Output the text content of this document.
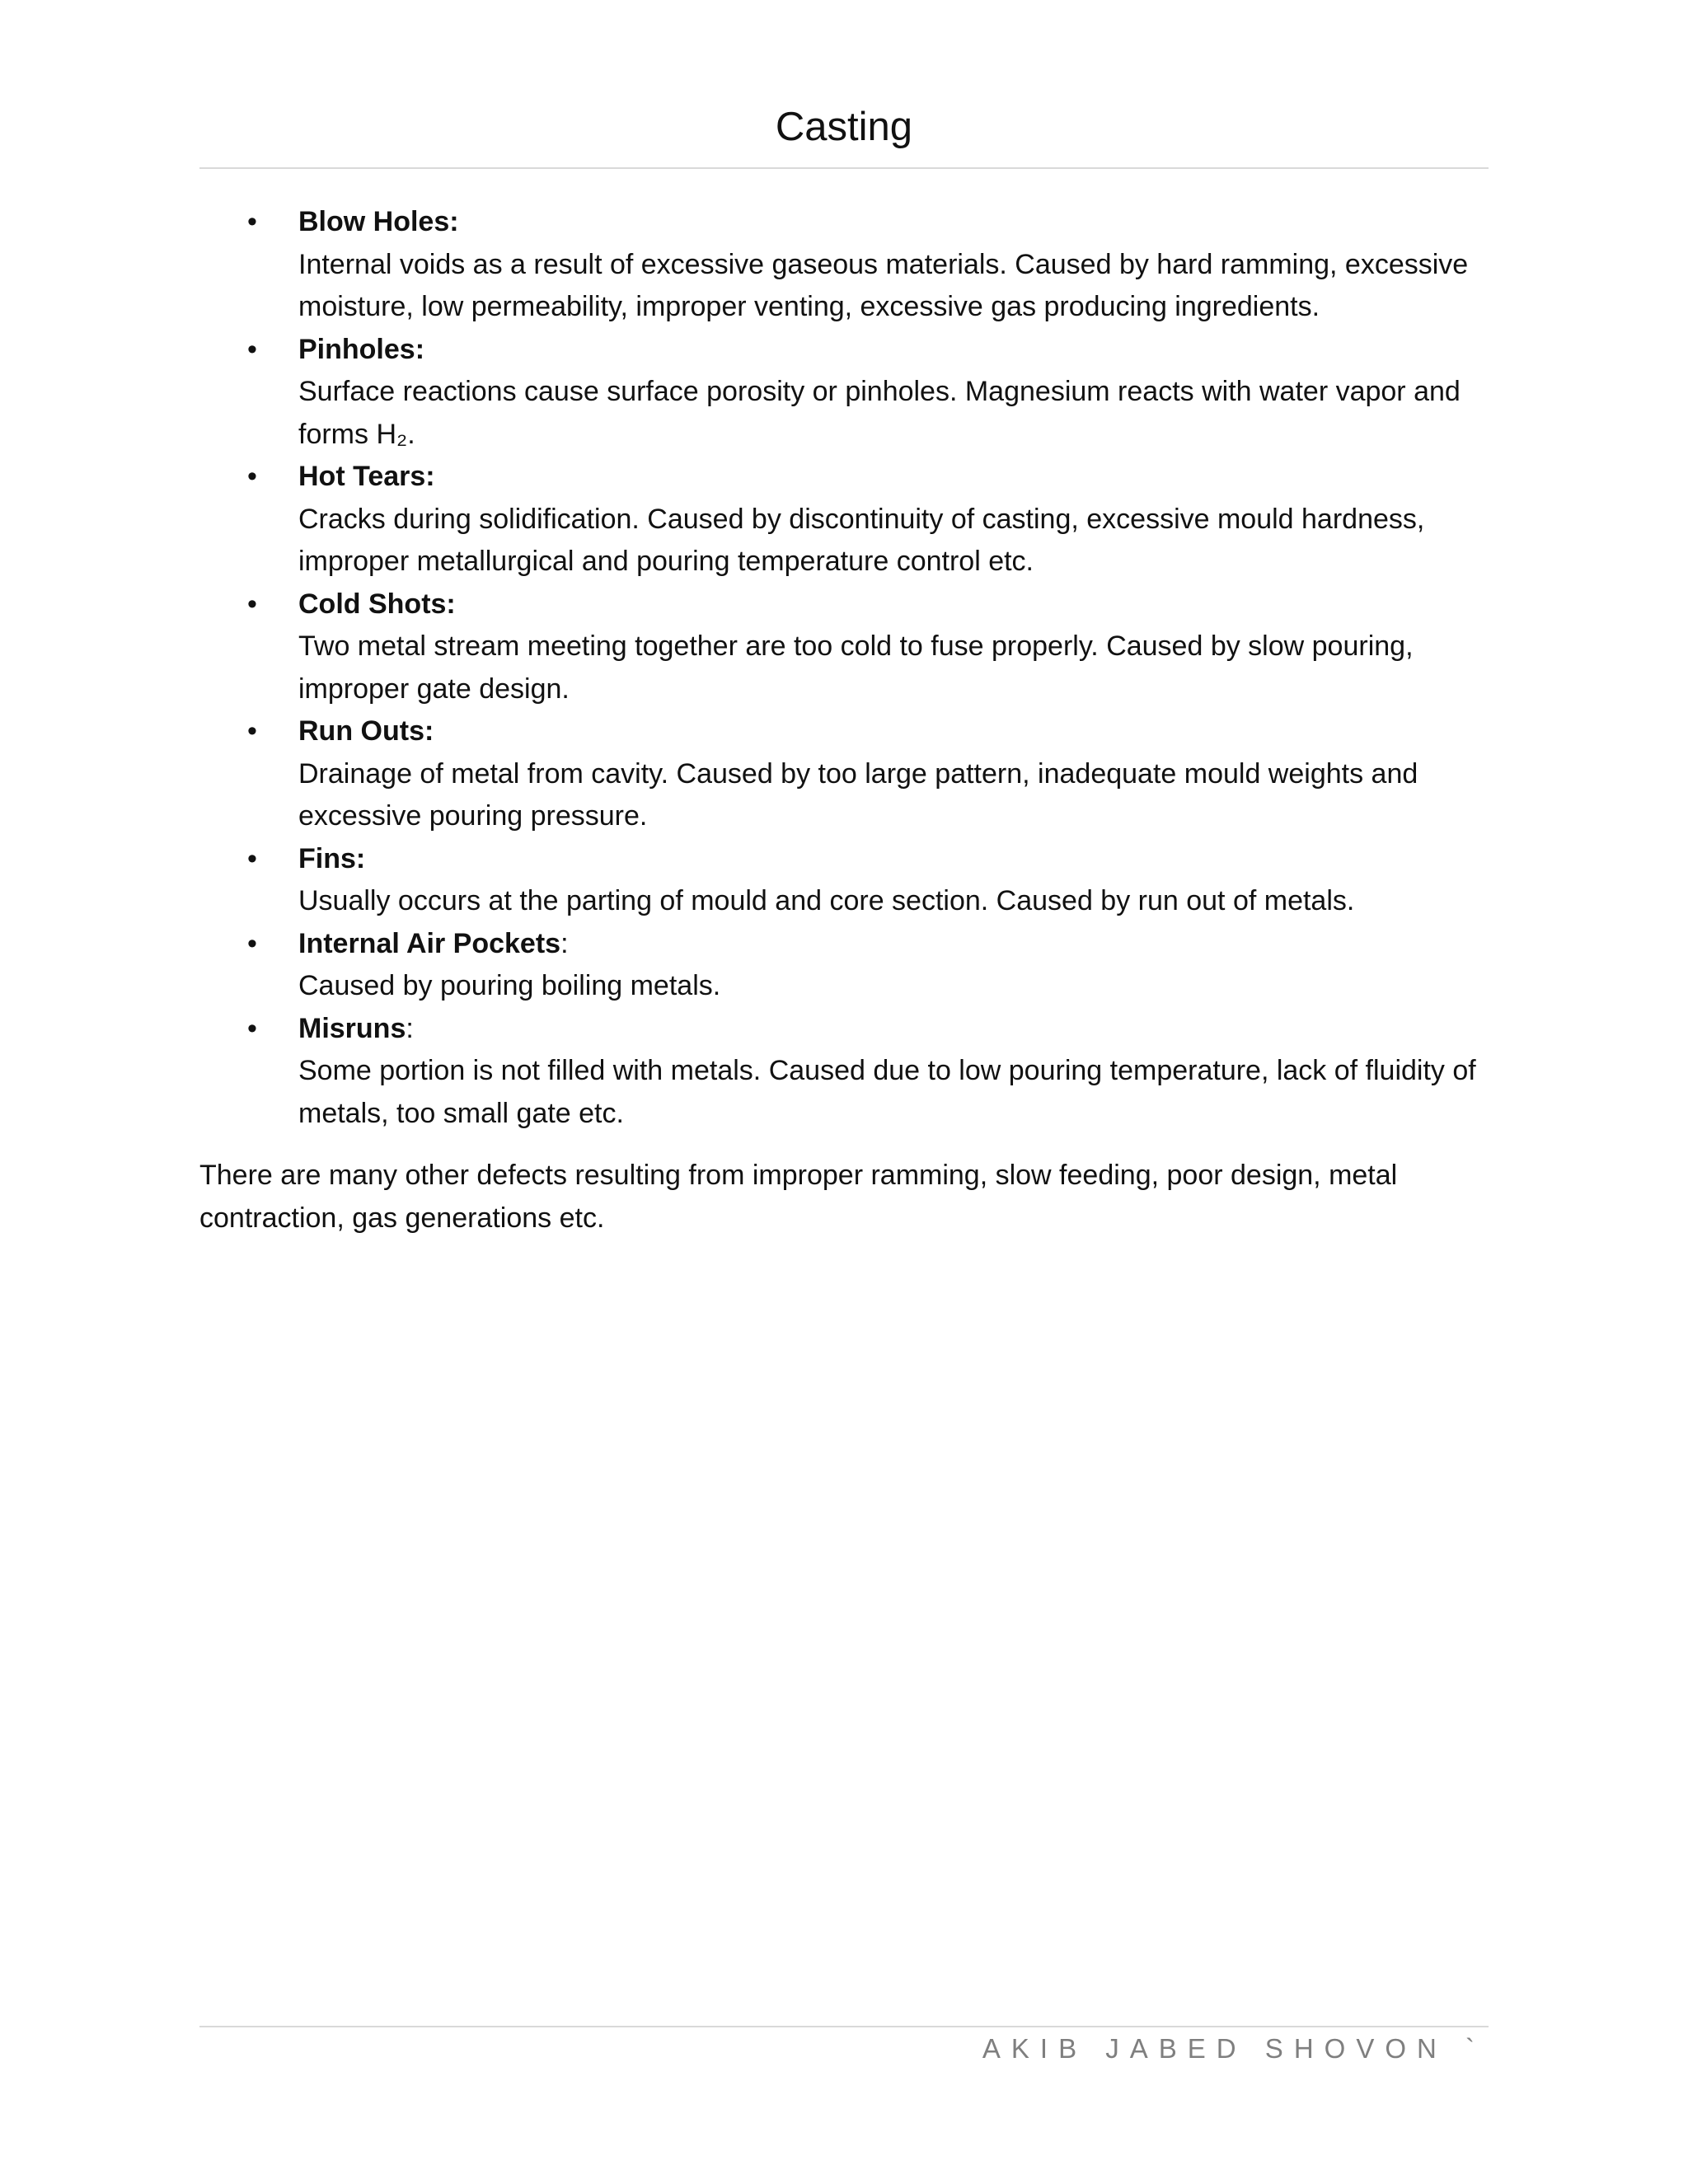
Casting
• Blow Holes:
Internal voids as a result of excessive gaseous materials. Caused by hard ramming, excessive moisture, low permeability, improper venting, excessive gas producing ingredients.
• Pinholes:
Surface reactions cause surface porosity or pinholes. Magnesium reacts with water vapor and forms H₂.
• Hot Tears:
Cracks during solidification. Caused by discontinuity of casting, excessive mould hardness, improper metallurgical and pouring temperature control etc.
• Cold Shots:
Two metal stream meeting together are too cold to fuse properly. Caused by slow pouring, improper gate design.
• Run Outs:
Drainage of metal from cavity. Caused by too large pattern, inadequate mould weights and excessive pouring pressure.
• Fins:
Usually occurs at the parting of mould and core section. Caused by run out of metals.
• Internal Air Pockets:
Caused by pouring boiling metals.
• Misruns:
Some portion is not filled with metals. Caused due to low pouring temperature, lack of fluidity of metals, too small gate etc.

There are many other defects resulting from improper ramming, slow feeding, poor design, metal contraction, gas generations etc.

AKIB JABED SHOVON `
